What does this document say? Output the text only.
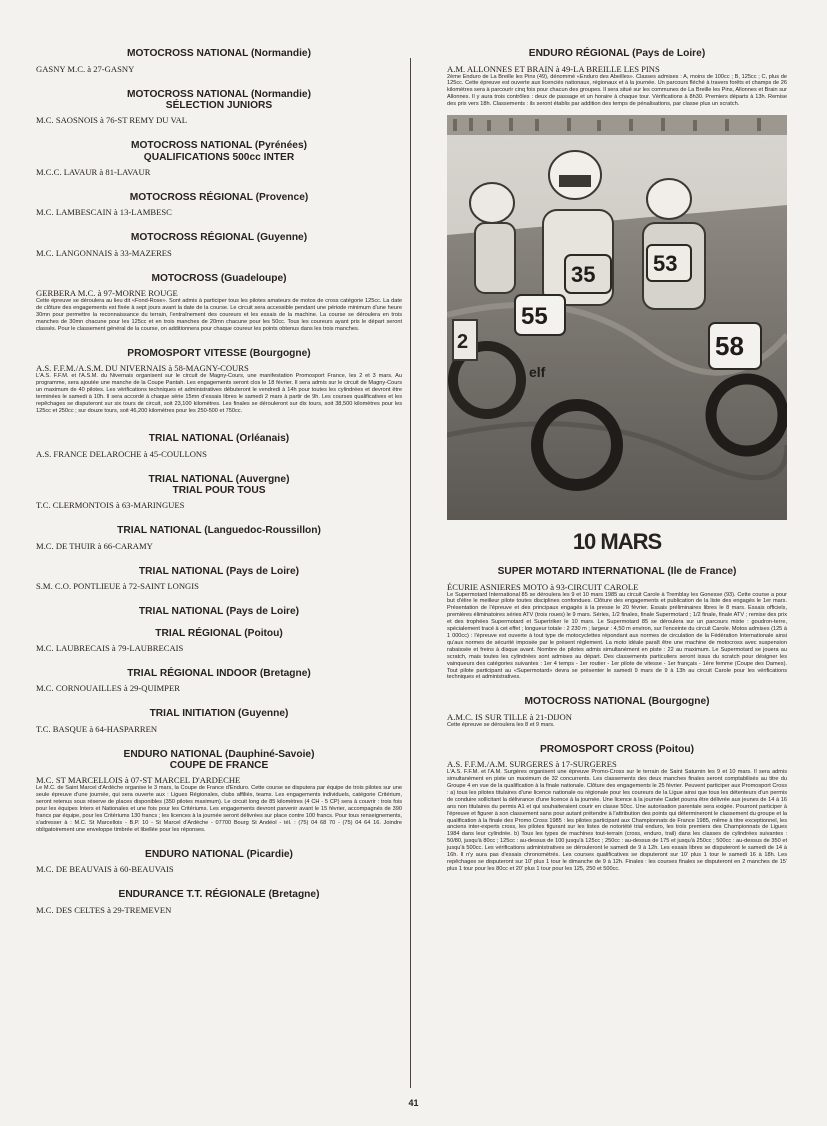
MOTOCROSS NATIONAL (Normandie)
GASNY M.C. à 27-GASNY
MOTOCROSS NATIONAL (Normandie)
SÉLECTION JUNIORS
M.C. SAOSNOIS à 76-ST REMY DU VAL
MOTOCROSS NATIONAL (Pyrénées)
QUALIFICATIONS 500cc INTER
M.C.C. LAVAUR à 81-LAVAUR
MOTOCROSS RÉGIONAL (Provence)
M.C. LAMBESCAIN à 13-LAMBESC
MOTOCROSS RÉGIONAL (Guyenne)
M.C. LANGONNAIS à 33-MAZERES
MOTOCROSS (Guadeloupe)
GERBERA M.C. à 97-MORNE ROUGE
Cette épreuve se déroulera au lieu dit «Fond-Rose». Sont admis à participer tous les pilotes amateurs de motos de cross catégorie 125cc. La date de clôture des engagements est fixée à sept jours avant la date de la course. Le circuit sera accessible pendant une période minimum d'une heure 30mn pour permettre la reconnaissance du terrain, l'entraînement des coureurs et les essais de la machine. La course se déroulera en trois manches de 30mn chacune pour les 125cc et en trois manches de 20mn chacune pour les 50cc. Tous les coureurs ayant pris le départ seront classés. Pour le classement général de la course, on additionnera pour chaque coureur les points obtenus dans les trois manches.
PROMOSPORT VITESSE (Bourgogne)
A.S. F.F.M./A.S.M. DU NIVERNAIS à 58-MAGNY-COURS
L'A.S. F.F.M. et l'A.S.M. du Nivernais organisent sur le circuit de Magny-Cours, une manifestation Promosport France, les 2 et 3 mars. Au programme, sera ajoutée une manche de la Coupe Pantah. Les engagements seront clos le 18 février. Il sera admis sur le circuit de Magny-Cours un maximum de 40 pilotes. Les vérifications techniques et administratives débuteront le vendredi à 14h pour toutes les cylindrées et devront être terminées le samedi à 10h. Il sera accordé à chaque série 15mn d'essais libres le samedi 2 mars à partir de 9h. Les courses qualificatives et les repêchages se disputeront sur six tours de circuit, soit 23,100 kilomètres. Les finales se dérouleront sur dix tours, soit 38,500 kilomètres pour les 125cc et 250cc ; sur douze tours, soit 46,200 kilomètres pour les 250-500 et 750cc.
TRIAL NATIONAL (Orléanais)
A.S. FRANCE DELAROCHE à 45-COULLONS
TRIAL NATIONAL (Auvergne)
TRIAL POUR TOUS
T.C. CLERMONTOIS à 63-MARINGUES
TRIAL NATIONAL (Languedoc-Roussillon)
M.C. DE THUIR à 66-CARAMY
TRIAL NATIONAL (Pays de Loire)
S.M. C.O. PONTLIEUE à 72-SAINT LONGIS
TRIAL NATIONAL (Pays de Loire)
TRIAL RÉGIONAL (Poitou)
M.C. LAUBRECAIS à 79-LAUBRECAIS
TRIAL RÉGIONAL INDOOR (Bretagne)
M.C. CORNOUAILLES à 29-QUIMPER
TRIAL INITIATION (Guyenne)
T.C. BASQUE à 64-HASPARREN
ENDURO NATIONAL (Dauphiné-Savoie)
COUPE DE FRANCE
M.C. ST MARCELLOIS à 07-ST MARCEL D'ARDECHE
Le M.C. de Saint Marcel d'Ardèche organise le 3 mars, la Coupe de France d'Enduro. Cette course se disputera par équipe de trois pilotes sur une seule épreuve d'une journée, qui sera ouverte aux : Ligues Régionales, clubs affiliés, teams. Les engagements individuels, catégorie Critérium, seront retenus sous réserve de places disponibles (350 pilotes maximum). Le circuit long de 85 kilomètres (4 CH - 5 CP) sera à couvrir : trois fois pour les équipes Inters et Nationales et une fois pour les Critériums. Les engagements devront parvenir avant le 15 février, accompagnés de 390 francs par équipe, pour les Critériums 130 francs ; les licences à la journée seront délivrées sur place contre 100 francs. Pour tous renseignements, s'adresser à : M.C. St Marcellois - B.P. 10 - St Marcel d'Ardèche - 07700 Bourg St Andéol - tél. : (75) 04 68 70 - (75) 04 64 16. Joindre obligatoirement une enveloppe timbrée et libellée pour les réponses.
ENDURO NATIONAL (Picardie)
M.C. DE BEAUVAIS à 60-BEAUVAIS
ENDURANCE T.T. RÉGIONALE (Bretagne)
M.C. DES CELTES à 29-TREMEVEN
ENDURO RÉGIONAL (Pays de Loire)
A.M. ALLONNES ET BRAIN à 49-LA BREILLE LES PINS
2ème Enduro de La Breille les Pins (49), dénommé «Enduro des Abeilles». Classes admises : A, moins de 100cc ; B, 125cc ; C, plus de 125cc. Cette épreuve est ouverte aux licenciés nationaux, régionaux et à la journée. Un parcours fléché à travers forêts et champs de 26 kilomètres sera à parcourir cinq fois pour chacun des groupes. Il sera situé sur les communes de La Breille les Pins, Allonnes et Brain sur Allonnes. Il y aura trois contrôles : deux de passage et un horaire à chaque tour. Vérifications à 8h30. Premiers départs à 13h. Remise des prix vers 18h. Classements : ils seront établis par addition des temps de pénalisations, par classe plus un scratch.
2
55
35
elf
53
58
10 MARS
SUPER MOTARD INTERNATIONAL (Ile de France)
ÉCURIE ASNIERES MOTO à 93-CIRCUIT CAROLE
Le Supermotard International 85 se déroulera les 9 et 10 mars 1985 au circuit Carole à Tremblay les Gonesse (93). Cette course a pour but d'élire le meilleur pilote toutes disciplines confondues. Clôture des engagements et publication de la liste des engagés le 1er mars. Présentation de l'épreuve et des principaux engagés à la presse le 20 février. Essais préliminaires libres le 8 mars. Essais officiels, premières éliminatoires séries ATV (trois roues) le 9 mars. Séries, 1/2 finales, finale Supermotard ; 1/2 finale, finale ATV ; remise des prix et des trophées Supermotard et Supertriker le 10 mars. Le Supermotard 85 se déroulera sur un parcours mixte : goudron-terre, spécialement tracé à cet effet ; longueur totale : 2 230 m ; largeur : 4,50 m environ, sur l'enceinte du circuit Carole. Motos admises (125 à 1 000cc) : l'épreuve est ouverte à tout type de motocyclettes répondant aux normes de circulation de la Fédération Internationale ainsi qu'aux normes de sécurité imposée par le présent règlement. La moto idéale paraît être une machine de motocross avec suspension rabaissée et freins à disque avant. Nombre de pilotes admis simultanément en piste : 22 au maximum. Le Supermotard se jouera au scratch, mais toutes les cylindrées sont admises au départ. Des classements particuliers seront issus du scratch pour désigner les vainqueurs des catégories suivantes : 1er 4 temps - 1er routier - 1er pilote de vitesse - 1er français - 1ère femme (Coupe des Dames). Tout pilote participant au «Supermotard» devra se présenter le samedi 9 mars de 9 à 13h au circuit Carole pour les vérifications techniques et administratives.
MOTOCROSS NATIONAL (Bourgogne)
A.M.C. IS SUR TILLE à 21-DIJON
Cette épreuve se déroulera les 8 et 9 mars.
PROMOSPORT CROSS (Poitou)
A.S. F.F.M./A.M. SURGERES à 17-SURGERES
L'A.S. F.F.M. et l'A.M. Surgères organisent une épreuve Promo-Cross sur le terrain de Saint Saturnin les 9 et 10 mars. Il sera admis simultanément en piste un maximum de 32 concurrents. Les classements des deux manches finales seront comptabilisés au titre du Groupe 4 en vue de la qualification à la finale nationale. Clôture des engagements le 25 février. Peuvent participer aux Promosport Cross : a) tous les pilotes titulaires d'une licence nationale ou régionale pour les coureurs de la Ligue ainsi que tous les détenteurs d'un permis de conduire sollicitant la délivrance d'une licence à la journée. Une licence à la journée Cadet pourra être délivrée aux jeunes de 14 à 16 ans non titulaires du permis A1 et qui souhaiteraient courir en classe 50cc. Une autorisation parentale sera exigée. Pourront participer à l'épreuve et figurer à son classement sans pour autant prétendre à l'attribution des points qui détermineront le classement du groupe et la qualification à la finale des Promo Cross 1985 : les pilotes participant aux Championnats de France 1985, même à titre exceptionnel, les anciens inter-experts cross, les pilotes figurant sur les listes de notoriété trial enduro, les trois premiers des Championnats de Ligues 1984 dans leur cylindrée. b) Tous les types de machines tout-terrain (cross, enduro, trail) dans les classes de cylindrées suivantes : 50/80, jusqu'à 80cc ; 125cc : au-dessus de 100 jusqu'à 125cc ; 250cc : au-dessus de 175 et jusqu'à 250cc ; 500cc : au-dessus de 350 et jusqu'à 500cc. Les vérifications administratives se dérouleront le samedi de 9 à 12h. Les essais libres se disputeront le samedi de 14 à 16h. Il n'y aura pas d'essais chronométrés. Les courses qualificatives se disputeront sur 10' plus 1 tour le samedi 16 à 18h. Les repêchages se disputeront sur 10' plus 1 tour le dimanche de 9 à 12h. Finales : les courses finales se disputeront en 2 manches de 15' plus 1 tour pour les 80cc et 20' plus 1 tour pour les 125, 250 et 500cc.
41
